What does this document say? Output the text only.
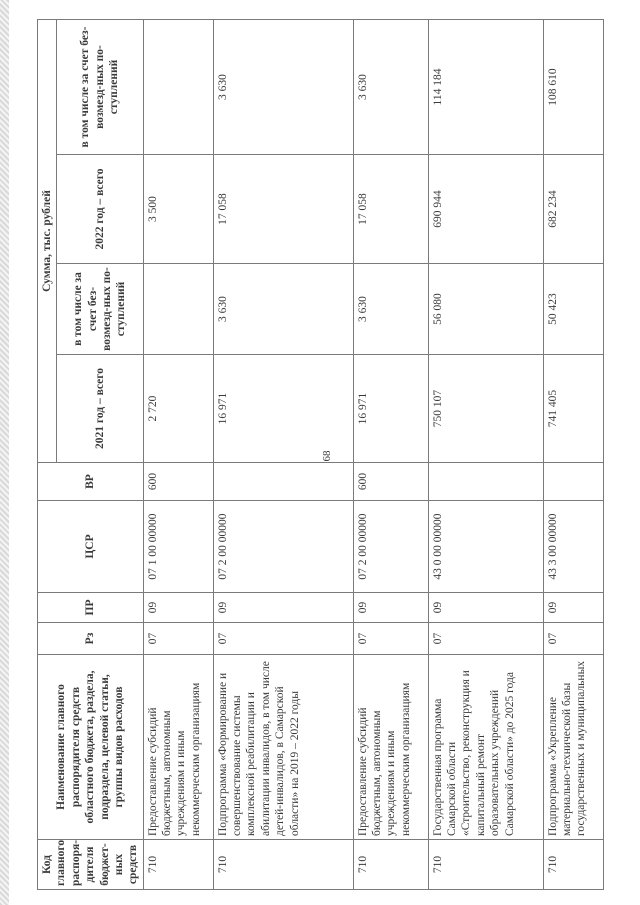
68
Код главного распоря-дителя бюджет-ных средств	Наименование главного распорядителя средств областного бюджета, раздела, подраздела, целевой статьи, группы видов расходов	Рз	ПР	ЦСР	ВР	Сумма, тыс. рублей			
						2021 год – всего	в том числе за счет без-возмезд-ных по-ступлений	2022 год – всего	в том числе за счет без-возмезд-ных по-ступлений
710	Предоставление субсидий бюджетным, автономным учреждениям и иным некоммерческим организациям	07	09	07 1 00 00000	600	2 720		3 500	
710	Подпрограмма «Формирование и совершенствование системы комплексной реабилитации и абилитации инвалидов, в том числе детей-инвалидов, в Самарской области» на 2019 – 2022 годы	07	09	07 2 00 00000		16 971	3 630	17 058	3 630
710	Предоставление субсидий бюджетным, автономным учреждениям и иным некоммерческим организациям	07	09	07 2 00 00000	600	16 971	3 630	17 058	3 630
710	Государственная программа Самарской области «Строительство, реконструкция и капитальный ремонт образовательных учреждений Самарской области» до 2025 года	07	09	43 0 00 00000		750 107	56 080	690 944	114 184
710	Подпрограмма «Укрепление материально-технической базы государственных и муниципальных	07	09	43 3 00 00000		741 405	50 423	682 234	108 610
